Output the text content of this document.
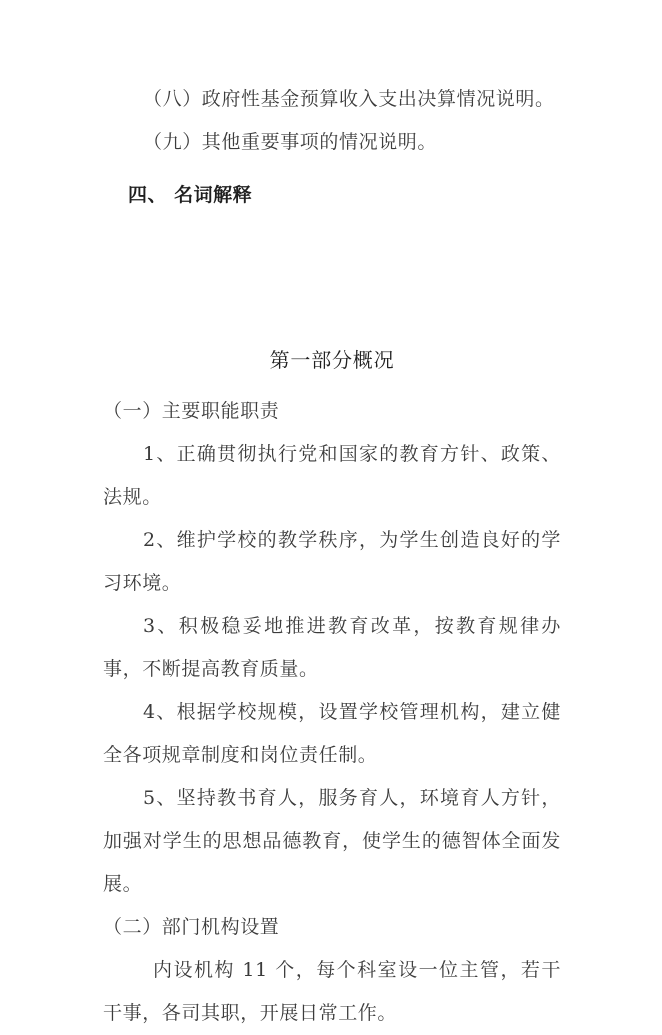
（八）政府性基金预算收入支出决算情况说明。

（九）其他重要事项的情况说明。

四、 名词解释
第一部分概况

（一）主要职能职责

1、正确贯彻执行党和国家的教育方针、政策、法规。

2、维护学校的教学秩序，为学生创造良好的学习环境。

3、积极稳妥地推进教育改革，按教育规律办事，不断提高教育质量。

4、根据学校规模，设置学校管理机构，建立健全各项规章制度和岗位责任制。

5、坚持教书育人，服务育人，环境育人方针，加强对学生的思想品德教育，使学生的德智体全面发展。

（二）部门机构设置

内设机构 11 个，每个科室设一位主管，若干干事，各司其职，开展日常工作。
